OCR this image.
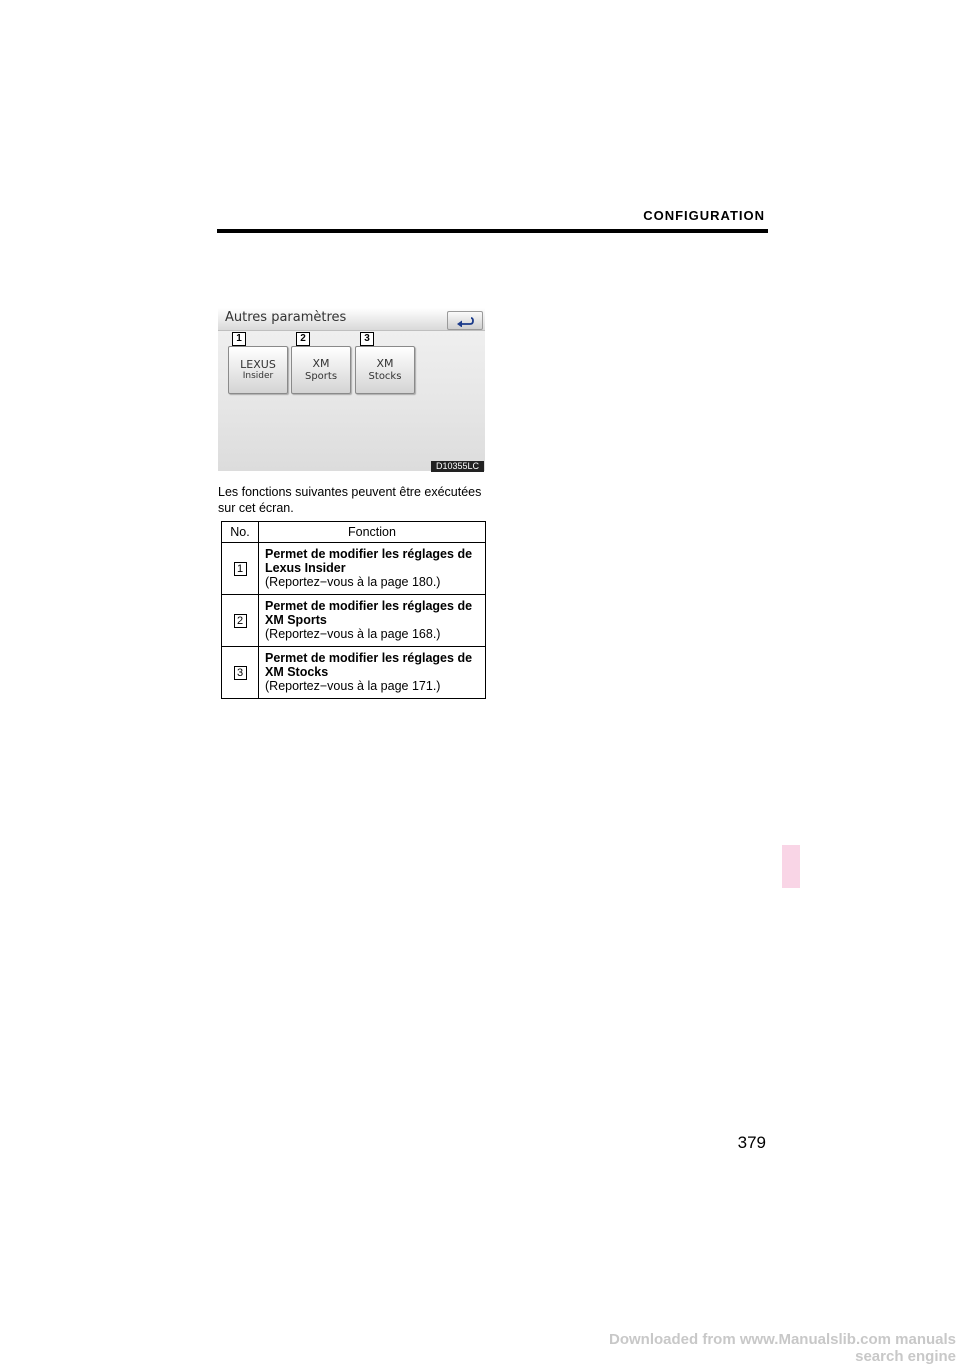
CONFIGURATION
Autres paramètres
1	2	3
LEXUS
Insider
XM
Sports
XM
Stocks
D10355LC
Les fonctions suivantes peuvent être exécutées sur cet écran.
No.	Fonction
1	Permet de modifier les réglages de
Lexus Insider
(Reportez−vous à la page 180.)

2	Permet de modifier les réglages de
XM Sports
(Reportez−vous à la page 168.)

3	Permet de modifier les réglages de
XM Stocks
(Reportez−vous à la page 171.)
379
Downloaded from www.Manualslib.com manuals search engine
